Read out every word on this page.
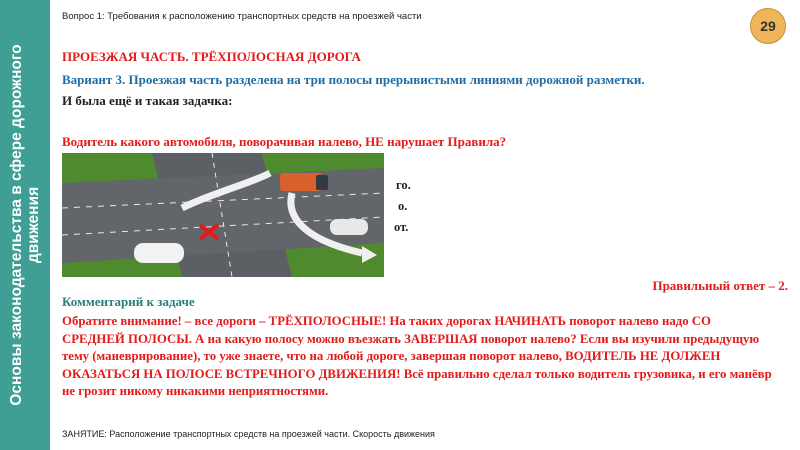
Основы законодательства в сфере дорожного движения
Вопрос 1: Требования к расположению транспортных средств на проезжей части
29
ПРОЕЗЖАЯ ЧАСТЬ. ТРЁХПОЛОСНАЯ ДОРОГА
Вариант 3. Проезжая часть разделена на три полосы прерывистыми линиями дорожной разметки.
И была ещё и такая задачка:
Водитель какого автомобиля, поворачивая налево, НЕ нарушает Правила?
го.
о.
от.
Правильный ответ – 2.
Комментарий к задаче
Обратите внимание! – все дороги – ТРЁХПОЛОСНЫЕ! На таких дорогах НАЧИНАТЬ поворот налево надо СО СРЕДНЕЙ ПОЛОСЫ. А на какую полосу можно въезжать ЗАВЕРШАЯ поворот налево? Если вы изучили предыдущую тему (маневрирование), то уже знаете, что на любой дороге, завершая поворот налево, ВОДИТЕЛЬ НЕ ДОЛЖЕН ОКАЗАТЬСЯ НА ПОЛОСЕ ВСТРЕЧНОГО ДВИЖЕНИЯ! Всё правильно сделал только водитель грузовика, и его манёвр не грозит никому никакими неприятностями.
ЗАНЯТИЕ: Расположение транспортных средств на проезжей части. Скорость движения
